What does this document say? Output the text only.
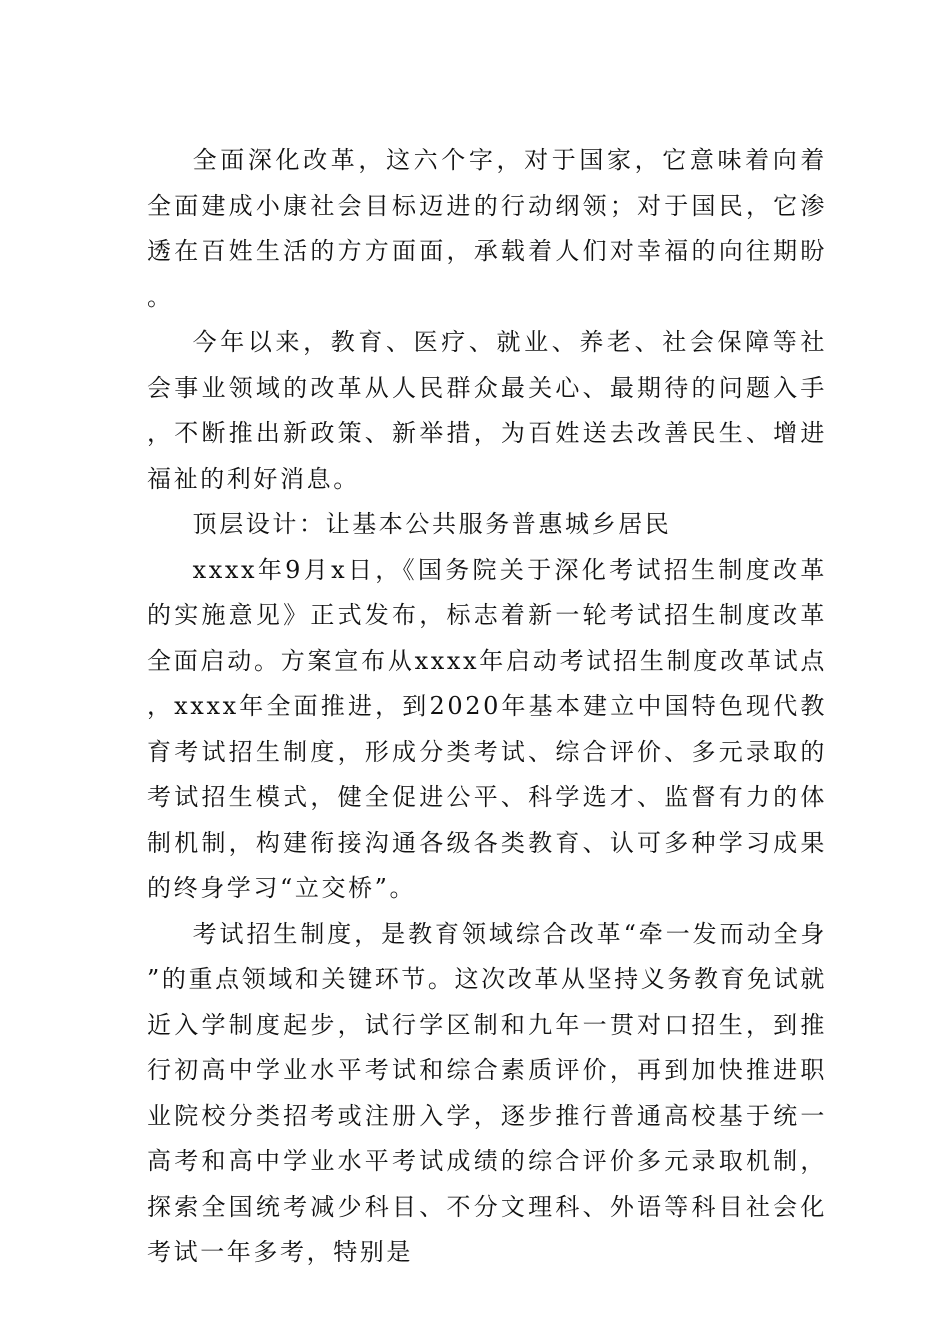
全面深化改革，这六个字，对于国家，它意味着向着全面建成小康社会目标迈进的行动纲领；对于国民，它渗透在百姓生活的方方面面，承载着人们对幸福的向往期盼。

今年以来，教育、医疗、就业、养老、社会保障等社会事业领域的改革从人民群众最关心、最期待的问题入手，不断推出新政策、新举措，为百姓送去改善民生、增进福祉的利好消息。

顶层设计：让基本公共服务普惠城乡居民

xxxx年9月x日，《国务院关于深化考试招生制度改革的实施意见》正式发布，标志着新一轮考试招生制度改革全面启动。方案宣布从xxxx年启动考试招生制度改革试点，xxxx年全面推进，到2020年基本建立中国特色现代教育考试招生制度，形成分类考试、综合评价、多元录取的考试招生模式，健全促进公平、科学选才、监督有力的体制机制，构建衔接沟通各级各类教育、认可多种学习成果的终身学习“立交桥”。

考试招生制度，是教育领域综合改革“牵一发而动全身”的重点领域和关键环节。这次改革从坚持义务教育免试就近入学制度起步，试行学区制和九年一贯对口招生，到推行初高中学业水平考试和综合素质评价，再到加快推进职业院校分类招考或注册入学，逐步推行普通高校基于统一高考和高中学业水平考试成绩的综合评价多元录取机制，探索全国统考减少科目、不分文理科、外语等科目社会化考试一年多考，特别是
